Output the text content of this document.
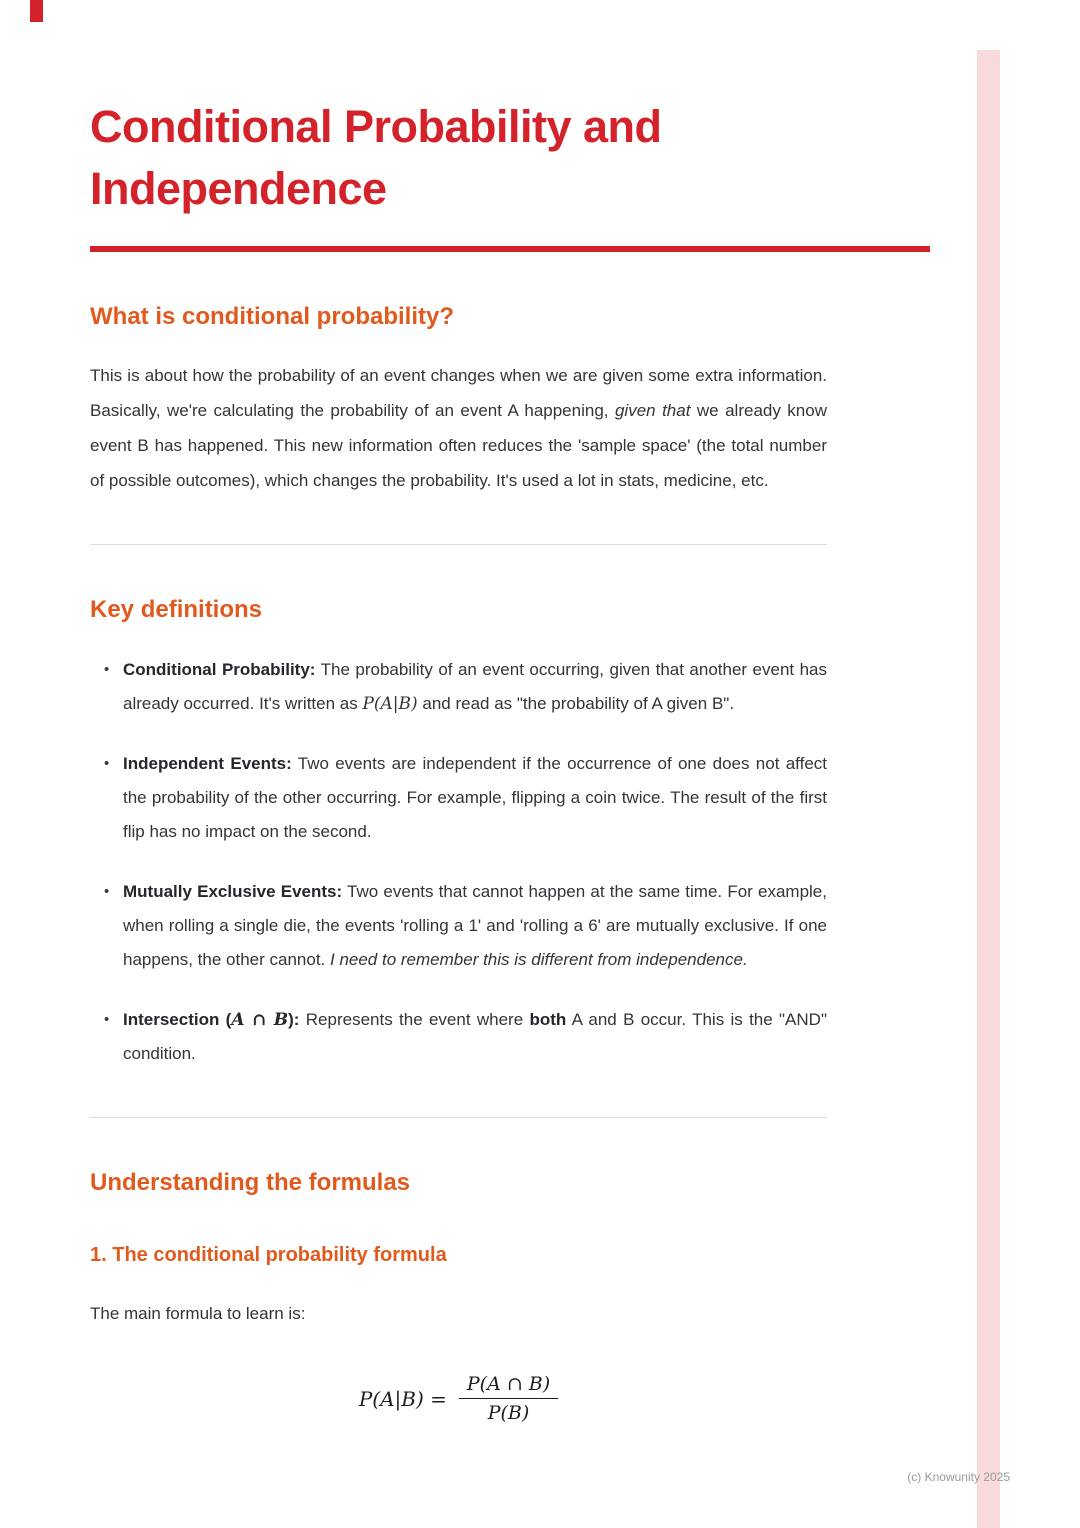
Conditional Probability and
Independence
What is conditional probability?

This is about how the probability of an event changes when we are given some extra information. Basically, we're calculating the probability of an event A happening, given that we already know event B has happened. This new information often reduces the 'sample space' (the total number of possible outcomes), which changes the probability. It's used a lot in stats, medicine, etc.

Key definitions
• Conditional Probability: The probability of an event occurring, given that another event has already occurred. It's written as P(A|B) and read as "the probability of A given B".
• Independent Events: Two events are independent if the occurrence of one does not affect the probability of the other occurring. For example, flipping a coin twice. The result of the first flip has no impact on the second.
• Mutually Exclusive Events: Two events that cannot happen at the same time. For example, when rolling a single die, the events 'rolling a 1' and 'rolling a 6' are mutually exclusive. If one happens, the other cannot. I need to remember this is different from independence.
• Intersection (A ∩ B): Represents the event where both A and B occur. This is the "AND" condition.
Understanding the formulas
1. The conditional probability formula

The main formula to learn is:

$P(A|B) = \frac{P(A \cap B)}{P(B)}$
(c) Knowunity 2025
